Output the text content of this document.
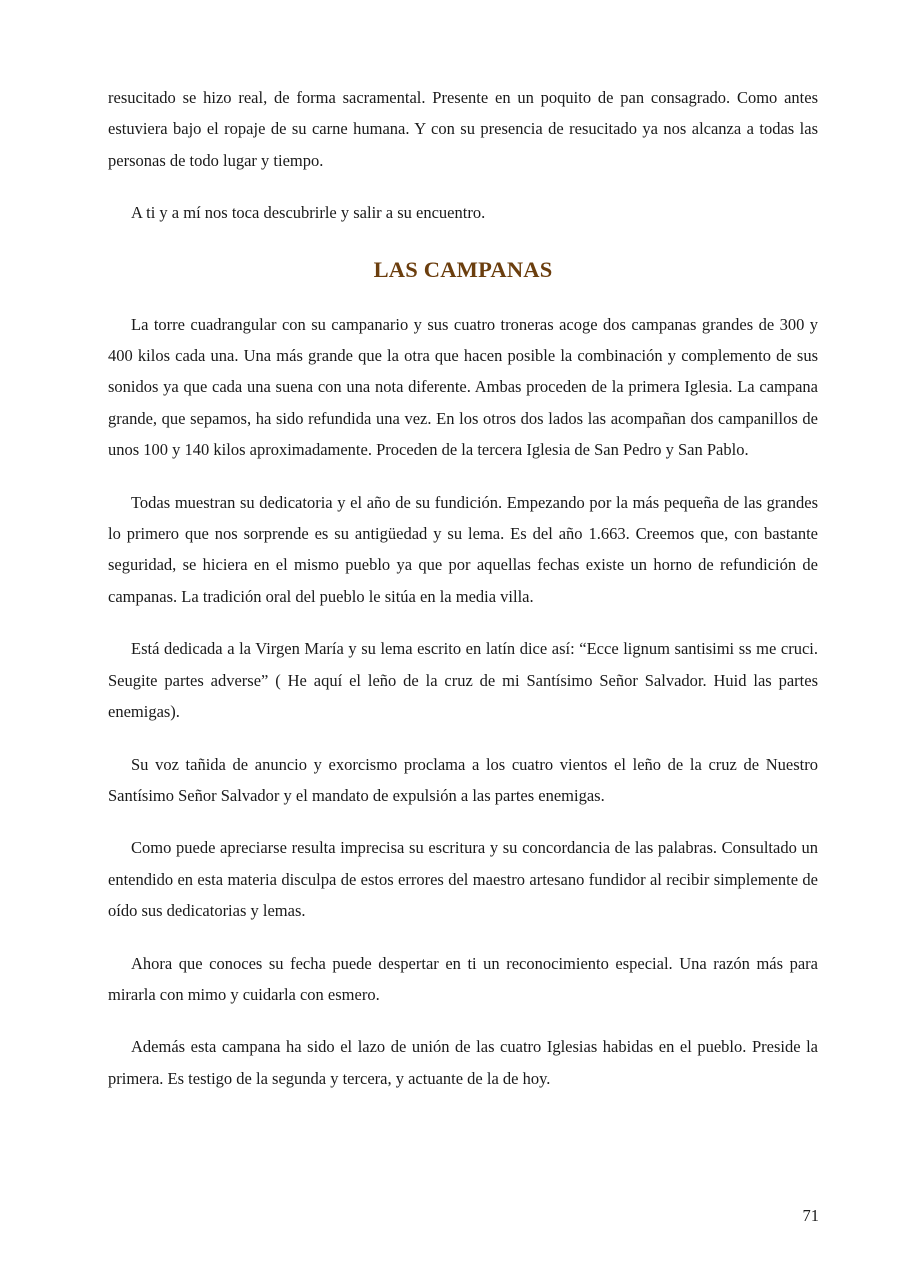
resucitado se hizo real, de forma sacramental. Presente en un poquito de pan consagrado. Como antes estuviera bajo el ropaje de su carne humana. Y con su presencia de resucitado ya nos alcanza a todas las personas de todo lugar y tiempo.

A ti y a mí nos toca descubrirle y salir a su encuentro.

LAS CAMPANAS

La torre cuadrangular con su campanario y sus cuatro troneras acoge dos campanas grandes de 300 y 400 kilos cada una. Una más grande que la otra que hacen posible la combinación y complemento de sus sonidos ya que cada una suena con una nota diferente. Ambas proceden de la primera Iglesia. La campana grande, que sepamos, ha sido refundida una vez. En los otros dos lados las acompañan dos campanillos de unos 100 y 140 kilos aproximadamente. Proceden de la tercera Iglesia de San Pedro y San Pablo.

Todas muestran su dedicatoria y el año de su fundición. Empezando por la más pequeña de las grandes lo primero que nos sorprende es su antigüedad y su lema. Es del año 1.663. Creemos que, con bastante seguridad, se hiciera en el mismo pueblo ya que por aquellas fechas existe un horno de refundición de campanas. La tradición oral del pueblo le sitúa en la media villa.

Está dedicada a la Virgen María y su lema escrito en latín dice así: “Ecce lignum santisimi ss me cruci. Seugite partes adverse” ( He aquí el leño de la cruz de mi Santísimo Señor Salvador. Huid las partes enemigas).

Su voz tañida de anuncio y exorcismo proclama a los cuatro vientos el leño de la cruz de Nuestro Santísimo Señor Salvador y el mandato de expulsión a las partes enemigas.

Como puede apreciarse resulta imprecisa su escritura y su concordancia de las palabras. Consultado un entendido en esta materia disculpa de estos errores del maestro artesano fundidor al recibir simplemente de oído sus dedicatorias y lemas.

Ahora que conoces su fecha puede despertar en ti un reconocimiento especial. Una razón más para mirarla con mimo y cuidarla con esmero.

Además esta campana ha sido el lazo de unión de las cuatro Iglesias habidas en el pueblo. Preside la primera. Es testigo de la segunda y tercera, y actuante de la de hoy.

71
